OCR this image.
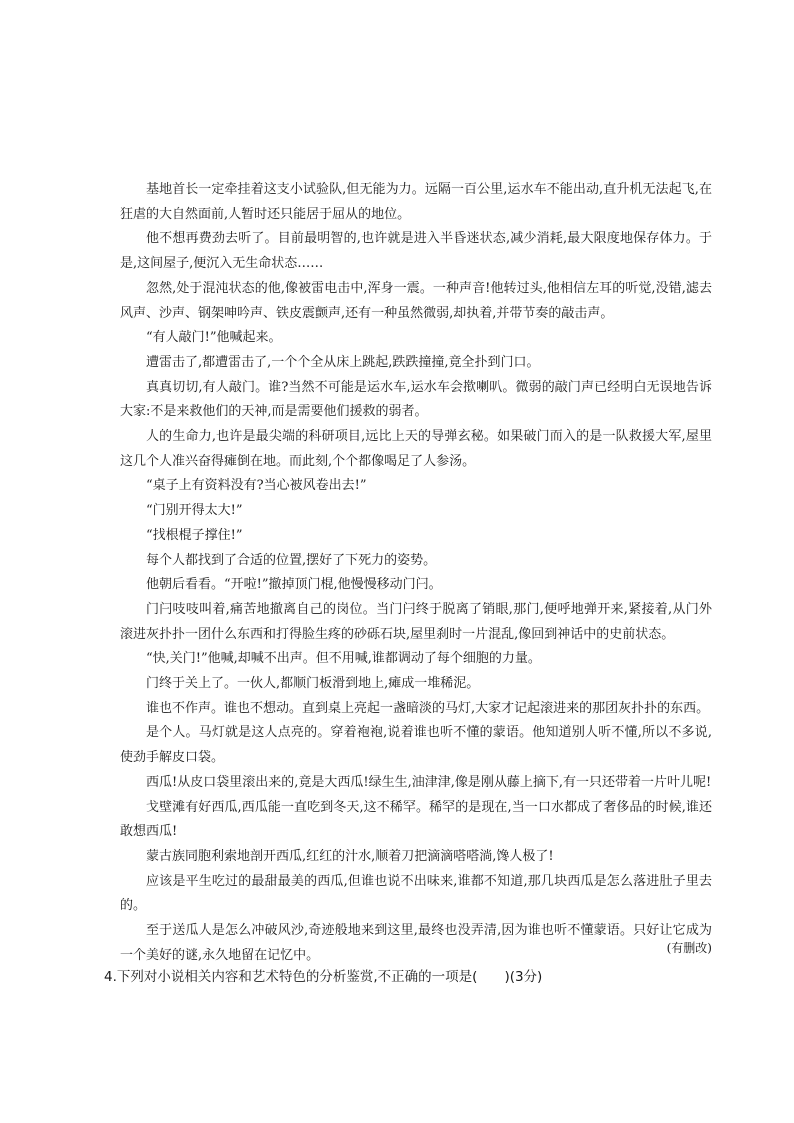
基地首长一定牵挂着这支小试验队,但无能为力。远隔一百公里,运水车不能出动,直升机无法起飞,在狂虐的大自然面前,人暂时还只能居于屈从的地位。

他不想再费劲去听了。目前最明智的,也许就是进入半昏迷状态,减少消耗,最大限度地保存体力。于是,这间屋子,便沉入无生命状态……

忽然,处于混沌状态的他,像被雷电击中,浑身一震。一种声音!他转过头,他相信左耳的听觉,没错,滤去风声、沙声、钢架呻吟声、铁皮震颤声,还有一种虽然微弱,却执着,并带节奏的敲击声。

“有人敲门!”他喊起来。

遭雷击了,都遭雷击了,一个个全从床上跳起,跌跌撞撞,竟全扑到门口。

真真切切,有人敲门。谁?当然不可能是运水车,运水车会揿喇叭。微弱的敲门声已经明白无误地告诉大家:不是来救他们的天神,而是需要他们援救的弱者。

人的生命力,也许是最尖端的科研项目,远比上天的导弹玄秘。如果破门而入的是一队救援大军,屋里这几个人准兴奋得瘫倒在地。而此刻,个个都像喝足了人参汤。

“桌子上有资料没有?当心被风卷出去!”

“门别开得太大!”

“找根棍子撑住!”

每个人都找到了合适的位置,摆好了下死力的姿势。

他朝后看看。“开啦!”撤掉顶门棍,他慢慢移动门闩。

门闩吱吱叫着,痛苦地撤离自己的岗位。当门闩终于脱离了销眼,那门,便呼地弹开来,紧接着,从门外滚进灰扑扑一团什么东西和打得脸生疼的砂砾石块,屋里刹时一片混乱,像回到神话中的史前状态。

“快,关门!”他喊,却喊不出声。但不用喊,谁都调动了每个细胞的力量。

门终于关上了。一伙人,都顺门板滑到地上,瘫成一堆稀泥。

谁也不作声。谁也不想动。直到桌上亮起一盏暗淡的马灯,大家才记起滚进来的那团灰扑扑的东西。

是个人。马灯就是这人点亮的。穿着袍袍,说着谁也听不懂的蒙语。他知道别人听不懂,所以不多说,使劲手解皮口袋。

西瓜!从皮口袋里滚出来的,竟是大西瓜!绿生生,油津津,像是刚从藤上摘下,有一只还带着一片叶儿呢!

戈壁滩有好西瓜,西瓜能一直吃到冬天,这不稀罕。稀罕的是现在,当一口水都成了奢侈品的时候,谁还敢想西瓜!

蒙古族同胞利索地剖开西瓜,红红的汁水,顺着刀把滴滴嗒嗒淌,馋人极了!

应该是平生吃过的最甜最美的西瓜,但谁也说不出味来,谁都不知道,那几块西瓜是怎么落进肚子里去的。

至于送瓜人是怎么冲破风沙,奇迹般地来到这里,最终也没弄清,因为谁也听不懂蒙语。只好让它成为一个美好的谜,永久地留在记忆中。	(有删改)
4.下列对小说相关内容和艺术特色的分析鉴赏,不正确的一项是(　　)(3分)
